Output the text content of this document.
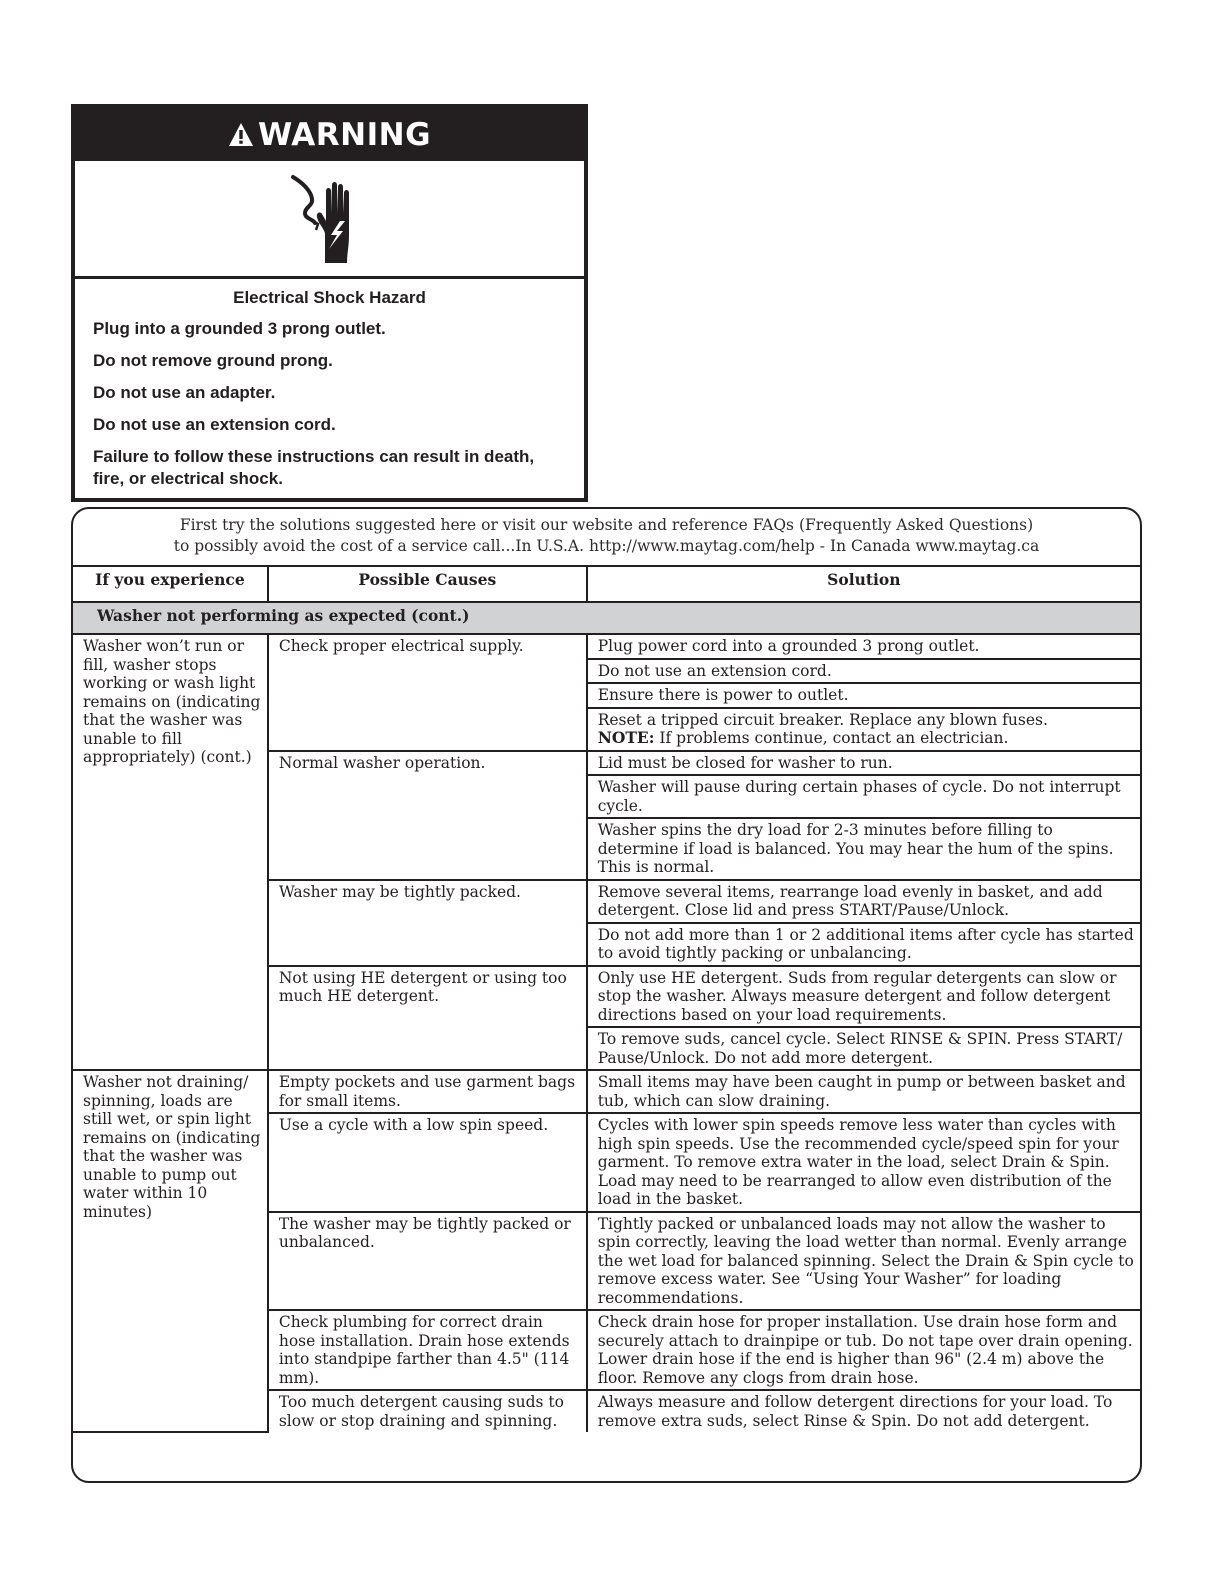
WARNING
Electrical Shock Hazard
Plug into a grounded 3 prong outlet.
Do not remove ground prong.
Do not use an adapter.
Do not use an extension cord.
Failure to follow these instructions can result in death, fire, or electrical shock.
First try the solutions suggested here or visit our website and reference FAQs (Frequently Asked Questions)
to possibly avoid the cost of a service call...In U.S.A. http://www.maytag.com/help - In Canada www.maytag.ca
If you experience	Possible Causes	Solution
Washer not performing as expected (cont.)		
Washer won’t run or fill, washer stops working or wash light remains on (indicating that the washer was unable to fill appropriately) (cont.)	Check proper electrical supply.	Plug power cord into a grounded 3 prong outlet.
		Do not use an extension cord.
		Ensure there is power to outlet.

		Reset a tripped circuit breaker. Replace any blown fuses.
NOTE: If problems continue, contact an electrician.

	Normal washer operation.	Lid must be closed for washer to run.
		Washer will pause during certain phases of cycle. Do not interrupt cycle.
		Washer spins the dry load for 2-3 minutes before filling to determine if load is balanced. You may hear the hum of the spins. This is normal.
	Washer may be tightly packed.	Remove several items, rearrange load evenly in basket, and add detergent. Close lid and press START/Pause/Unlock.
		Do not add more than 1 or 2 additional items after cycle has started to avoid tightly packing or unbalancing.
	Not using HE detergent or using too much HE detergent.	Only use HE detergent. Suds from regular detergents can slow or stop the washer. Always measure detergent and follow detergent directions based on your load requirements.
		To remove suds, cancel cycle. Select RINSE & SPIN. Press START/ Pause/Unlock. Do not add more detergent.
Washer not draining/ spinning, loads are still wet, or spin light remains on (indicating that the washer was unable to pump out water within 10 minutes)	Empty pockets and use garment bags for small items.	Small items may have been caught in pump or between basket and tub, which can slow draining.
	Use a cycle with a low spin speed.	Cycles with lower spin speeds remove less water than cycles with high spin speeds. Use the recommended cycle/speed spin for your garment. To remove extra water in the load, select Drain & Spin. Load may need to be rearranged to allow even distribution of the load in the basket.
	The washer may be tightly packed or unbalanced.	Tightly packed or unbalanced loads may not allow the washer to spin correctly, leaving the load wetter than normal. Evenly arrange the wet load for balanced spinning. Select the Drain & Spin cycle to remove excess water. See “Using Your Washer” for loading recommendations.
	Check plumbing for correct drain hose installation. Drain hose extends into standpipe farther than 4.5" (114 mm).	Check drain hose for proper installation. Use drain hose form and securely attach to drainpipe or tub. Do not tape over drain opening. Lower drain hose if the end is higher than 96" (2.4 m) above the floor. Remove any clogs from drain hose.
	Too much detergent causing suds to slow or stop draining and spinning.	Always measure and follow detergent directions for your load. To remove extra suds, select Rinse & Spin. Do not add detergent.
